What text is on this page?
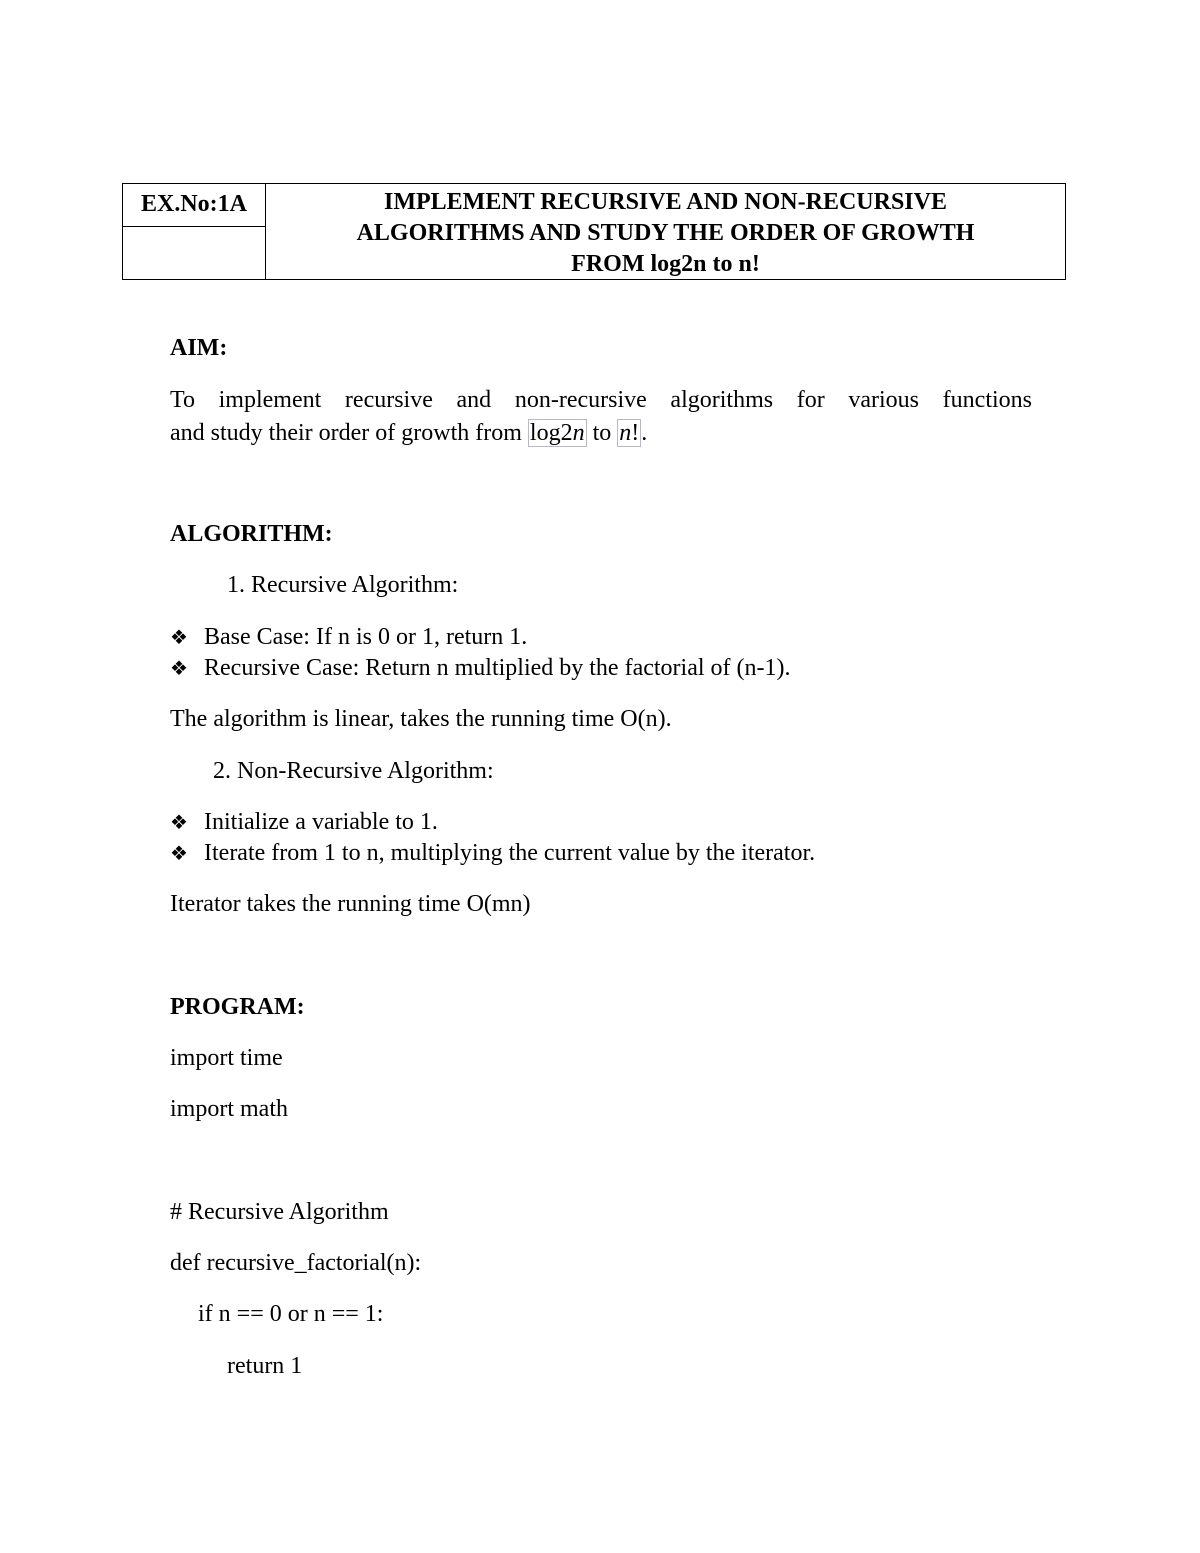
EX.No:1A	IMPLEMENT RECURSIVE AND NON-RECURSIVE
ALGORITHMS AND STUDY THE ORDER OF GROWTH
FROM log2n to n!
AIM:
To implement recursive and non-recursive algorithms for various functions
and study their order of growth from log2n to n!.
ALGORITHM:
1. Recursive Algorithm:
❖ Base Case: If n is 0 or 1, return 1.
❖ Recursive Case: Return n multiplied by the factorial of (n-1).
The algorithm is linear, takes the running time O(n).
2. Non-Recursive Algorithm:
❖ Initialize a variable to 1.
❖ Iterate from 1 to n, multiplying the current value by the iterator.
Iterator takes the running time O(mn)
PROGRAM:
import time
import math
# Recursive Algorithm
def recursive_factorial(n):
if n == 0 or n == 1:
return 1
